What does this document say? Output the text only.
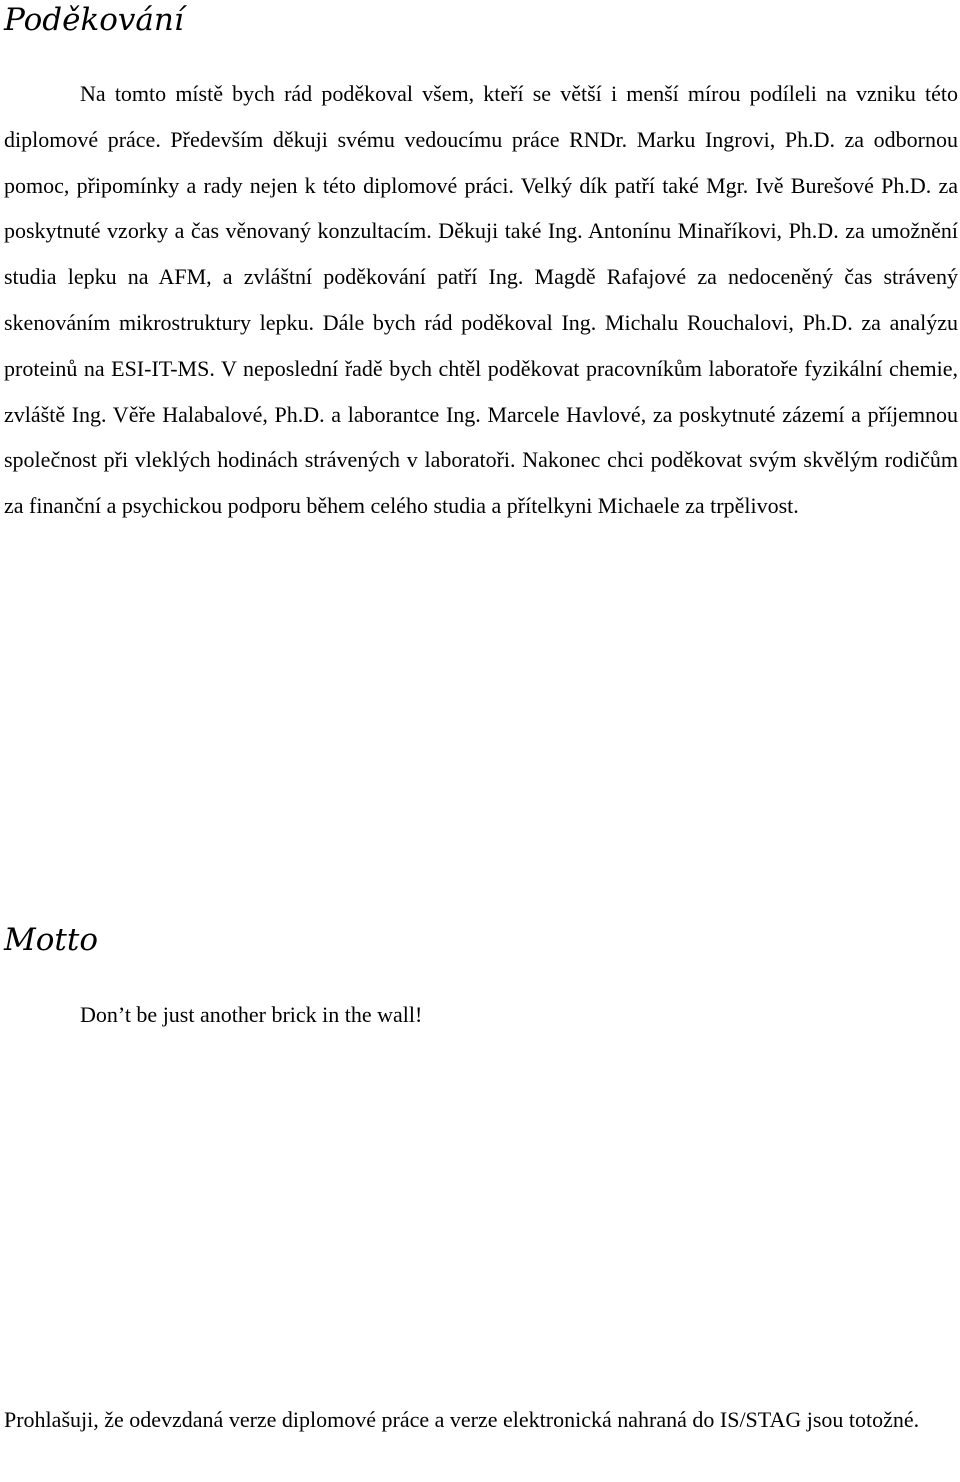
Poděkování

Na tomto místě bych rád poděkoval všem, kteří se větší i menší mírou podíleli na vzniku této diplomové práce. Především děkuji svému vedoucímu práce RNDr. Marku Ingrovi, Ph.D. za odbornou pomoc, připomínky a rady nejen k této diplomové práci. Velký dík patří také Mgr. Ivě Burešové Ph.D. za poskytnuté vzorky a čas věnovaný konzultacím. Děkuji také Ing. Antonínu Minaříkovi, Ph.D. za umožnění studia lepku na AFM, a zvláštní poděkování patří Ing. Magdě Rafajové za nedoceněný čas strávený skenováním mikrostruktury lepku. Dále bych rád poděkoval Ing. Michalu Rouchalovi, Ph.D. za analýzu proteinů na ESI-IT-MS. V neposlední řadě bych chtěl poděkovat pracovníkům laboratoře fyzikální chemie, zvláště Ing. Věře Halabalové, Ph.D. a laborantce Ing. Marcele Havlové, za poskytnuté zázemí a příjemnou společnost při vleklých hodinách strávených v laboratoři. Nakonec chci poděkovat svým skvělým rodičům za finanční a psychickou podporu během celého studia a přítelkyni Michaele za trpělivost.

Motto

Don’t be just another brick in the wall!

Prohlašuji, že odevzdaná verze diplomové práce a verze elektronická nahraná do IS/STAG jsou totožné.
